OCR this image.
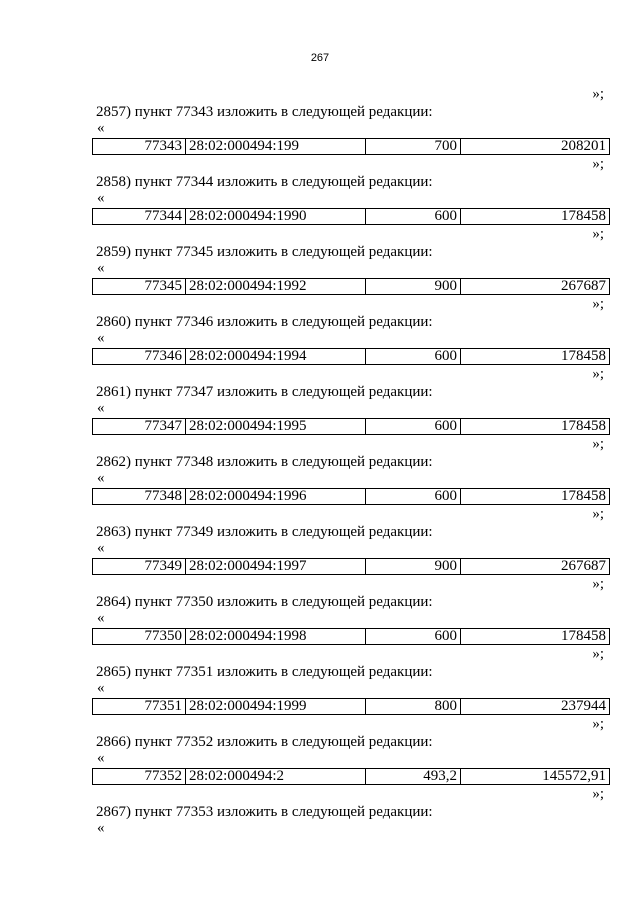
267
»;
2857) пункт 77343 изложить в следующей редакции:
«
77343 28:02:000494:199	700	208201
»;
2858) пункт 77344 изложить в следующей редакции:
«
77344 28:02:000494:1990	600	178458
»;
2859) пункт 77345 изложить в следующей редакции:
«
77345 28:02:000494:1992	900	267687
»;
2860) пункт 77346 изложить в следующей редакции:
«
77346 28:02:000494:1994	600	178458
»;
2861) пункт 77347 изложить в следующей редакции:
«
77347 28:02:000494:1995	600	178458
»;
2862) пункт 77348 изложить в следующей редакции:
«
77348 28:02:000494:1996	600	178458
»;
2863) пункт 77349 изложить в следующей редакции:
«
77349 28:02:000494:1997	900	267687
»;
2864) пункт 77350 изложить в следующей редакции:
«
77350 28:02:000494:1998	600	178458
»;
2865) пункт 77351 изложить в следующей редакции:
«
77351 28:02:000494:1999	800	237944
»;
2866) пункт 77352 изложить в следующей редакции:
«
77352 28:02:000494:2	493,2	145572,91
»;
2867) пункт 77353 изложить в следующей редакции:
«
